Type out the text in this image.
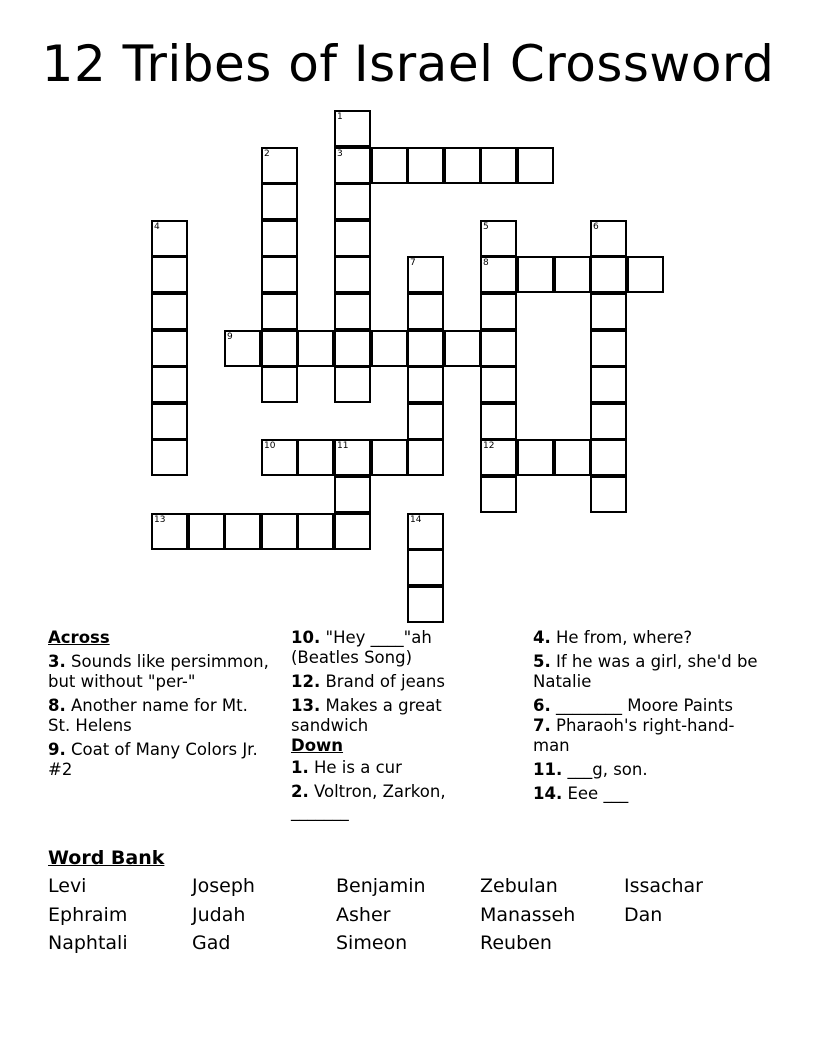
12 Tribes of Israel Crossword
1
2	3
4	5	6
7	8
9
10	11	12
13	14
Across
3. Sounds like persimmon, but without "per-"
8. Another name for Mt. St. Helens
9. Coat of Many Colors Jr. #2
10. "Hey ____"ah (Beatles Song)
12. Brand of jeans
13. Makes a great sandwich
Down
1. He is a cur
2. Voltron, Zarkon, _______
4. He from, where?
5. If he was a girl, she'd be Natalie
6. ________ Moore Paints
7. Pharaoh's right-hand-man
11. ___g, son.
14. Eee ___
Word Bank
Levi	Joseph	Benjamin	Zebulan	Issachar
Ephraim	Judah	Asher	Manasseh	Dan
Naphtali	Gad	Simeon	Reuben
